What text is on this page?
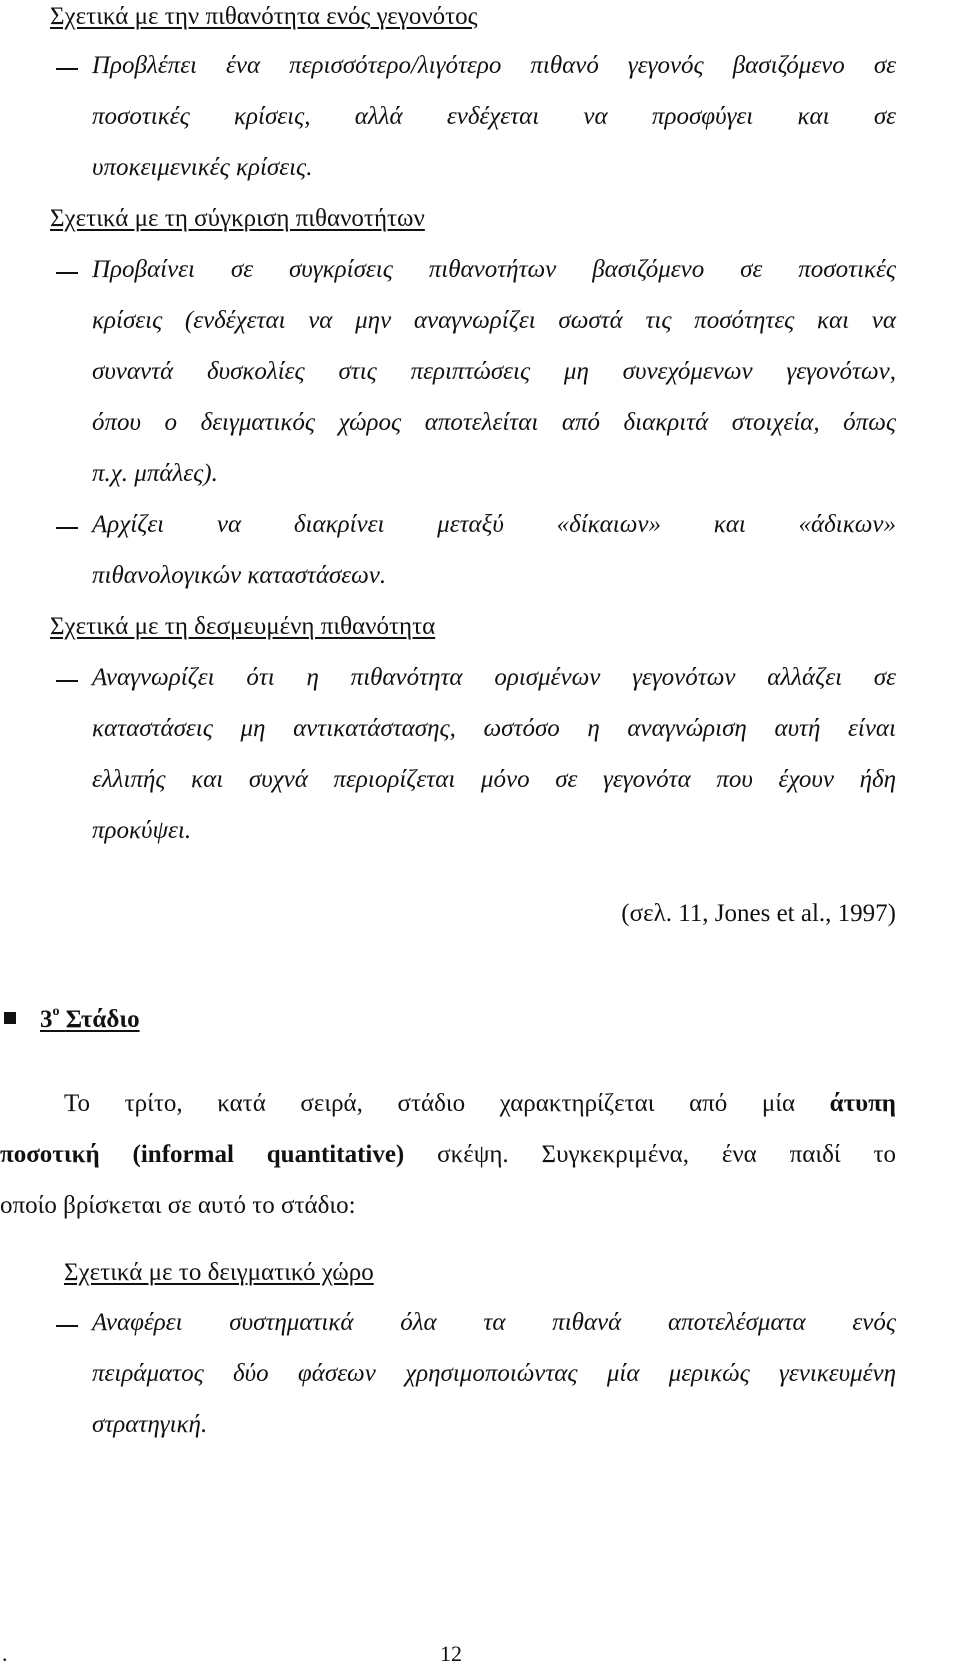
Σχετικά με την πιθανότητα ενός γεγονότος
Προβλέπει ένα περισσότερο/λιγότερο πιθανό γεγονός βασιζόμενο σε
ποσοτικές κρίσεις, αλλά ενδέχεται να προσφύγει και σε
υποκειμενικές κρίσεις.
Σχετικά με τη σύγκριση πιθανοτήτων
Προβαίνει σε συγκρίσεις πιθανοτήτων βασιζόμενο σε ποσοτικές
κρίσεις (ενδέχεται να μην αναγνωρίζει σωστά τις ποσότητες και να
συναντά δυσκολίες στις περιπτώσεις μη συνεχόμενων γεγονότων,
όπου ο δειγματικός χώρος αποτελείται από διακριτά στοιχεία, όπως
π.χ. μπάλες).
Αρχίζει να διακρίνει μεταξύ «δίκαιων» και «άδικων»
πιθανολογικών καταστάσεων.
Σχετικά με τη δεσμευμένη πιθανότητα
Αναγνωρίζει ότι η πιθανότητα ορισμένων γεγονότων αλλάζει σε
καταστάσεις μη αντικατάστασης, ωστόσο η αναγνώριση αυτή είναι
ελλιπής και συχνά περιορίζεται μόνο σε γεγονότα που έχουν ήδη
προκύψει.
(σελ. 11, Jones et al., 1997)
$3^o$ Στάδιο
Το τρίτο, κατά σειρά, στάδιο χαρακτηρίζεται από μία άτυπη
ποσοτική (informal quantitative) σκέψη. Συγκεκριμένα, ένα παιδί το
οποίο βρίσκεται σε αυτό το στάδιο:
Σχετικά με το δειγματικό χώρο
Αναφέρει συστηματικά όλα τα πιθανά αποτελέσματα ενός
πειράματος δύο φάσεων χρησιμοποιώντας μία μερικώς γενικευμένη
στρατηγική.
.	12
